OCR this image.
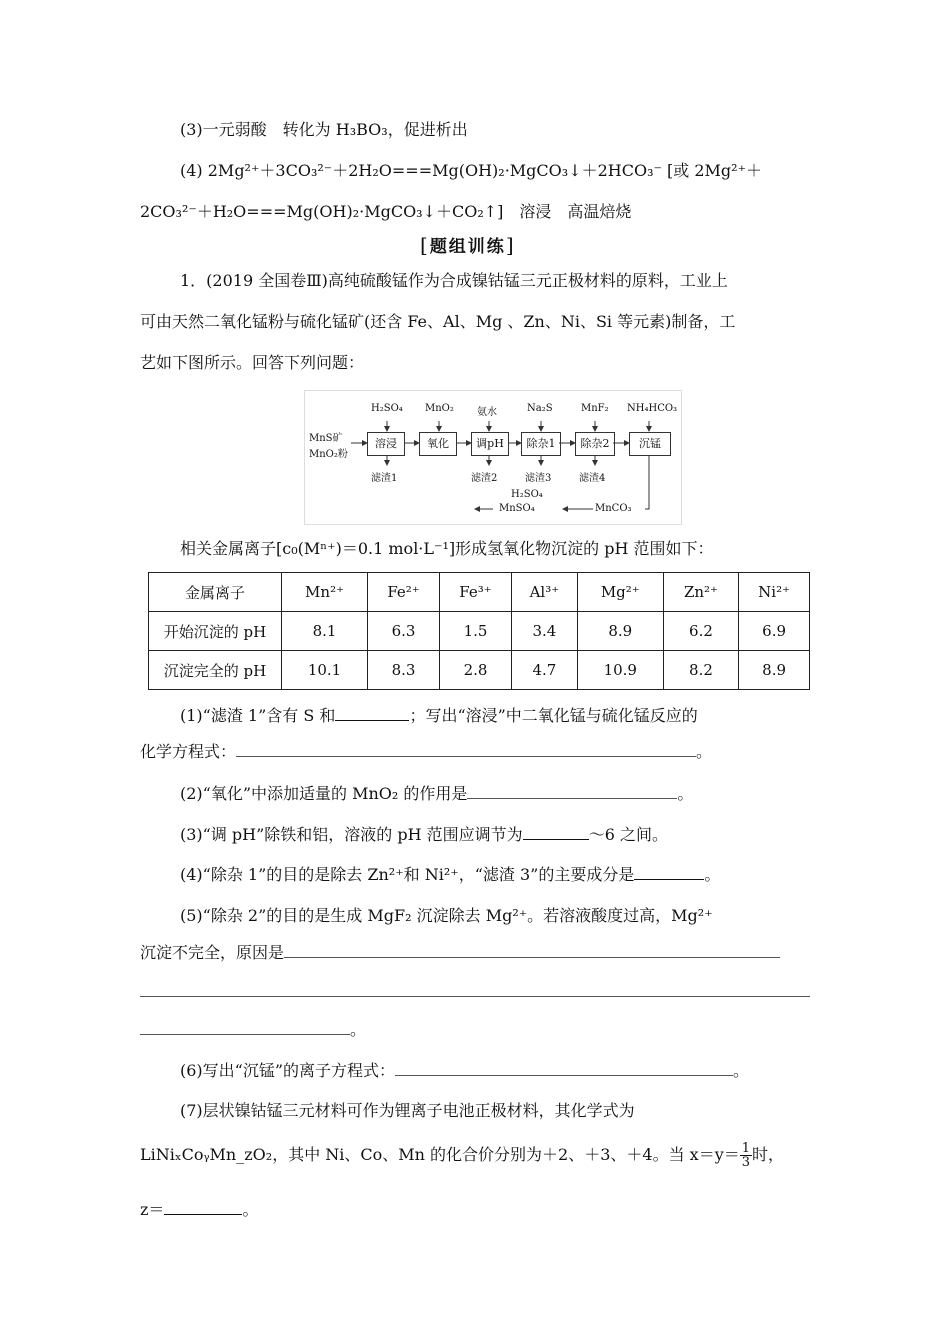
(3)一元弱酸　转化为 H₃BO₃，促进析出
(4) 2Mg²⁺＋3CO₃²⁻＋2H₂O===Mg(OH)₂·MgCO₃↓＋2HCO₃⁻ [或 2Mg²⁺＋
2CO₃²⁻＋H₂O===Mg(OH)₂·MgCO₃↓＋CO₂↑]　溶浸　高温焙烧
[题组训练]
1．(2019 全国卷Ⅲ)高纯硫酸锰作为合成镍钴锰三元正极材料的原料，工业上
可由天然二氧化锰粉与硫化锰矿(还含 Fe、Al、Mg 、Zn、Ni、Si 等元素)制备，工
艺如下图所示。回答下列问题：
MnS矿
MnO₂粉
H₂SO₄ MnO₂ 氨水	Na₂S	MnF₂ NH₄HCO₃
溶浸	氧化	调pH	除杂1	除杂2	沉锰
滤渣1	滤渣2	滤渣3	滤渣4
H₂SO₄
MnSO₄	MnCO₃
相关金属离子[c₀(Mⁿ⁺)＝0.1 mol·L⁻¹]形成氢氧化物沉淀的 pH 范围如下：
金属离子	Mn²⁺	Fe²⁺	Fe³⁺	Al³⁺	Mg²⁺	Zn²⁺	Ni²⁺
开始沉淀的 pH	8.1	6.3	1.5	3.4	8.9	6.2	6.9
沉淀完全的 pH	10.1	8.3	2.8	4.7	10.9	8.2	8.9
(1)“滤渣 1”含有 S 和	；写出“溶浸”中二氧化锰与硫化锰反应的
化学方程式：	。
(2)“氧化”中添加适量的 MnO₂ 的作用是	。
(3)“调 pH”除铁和铝，溶液的 pH 范围应调节为	～6 之间。
(4)“除杂 1”的目的是除去 Zn²⁺和 Ni²⁺，“滤渣 3”的主要成分是	。
(5)“除杂 2”的目的是生成 MgF₂ 沉淀除去 Mg²⁺。若溶液酸度过高，Mg²⁺
沉淀不完全，原因是
。
(6)写出“沉锰”的离子方程式：	。
(7)层状镍钴锰三元材料可作为锂离子电池正极材料，其化学式为
LiNiₓCoᵧMn_zO₂，其中 Ni、Co、Mn 的化合价分别为＋2、＋3、＋4。当 $x=y= \frac{1}{3}$ 时，
z＝	。
